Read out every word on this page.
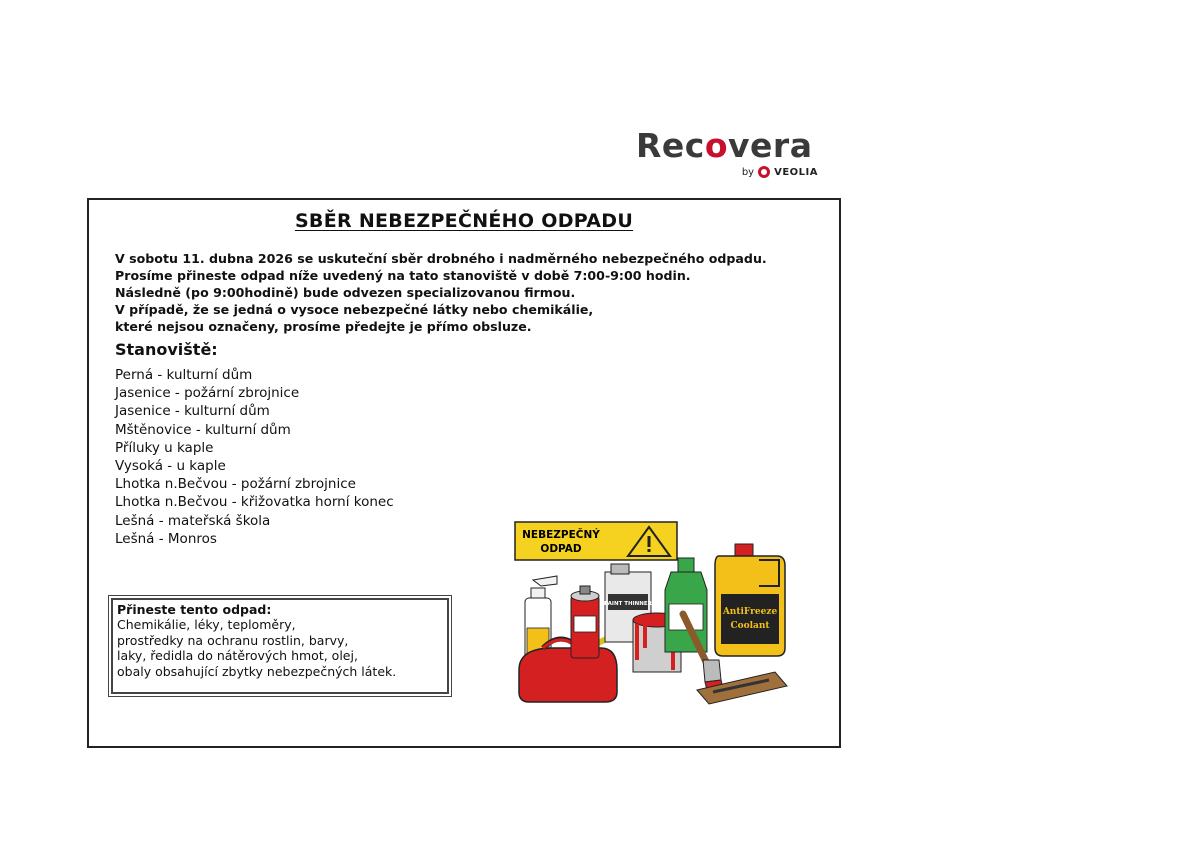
Recovera
by VEOLIA
SBĚR NEBEZPEČNÉHO ODPADU
V sobotu 11. dubna 2026 se uskuteční sběr drobného i nadměrného nebezpečného odpadu.
Prosíme přineste odpad níže uvedený na tato stanoviště v době 7:00-9:00 hodin.
Následně (po 9:00hodině) bude odvezen specializovanou firmou.
V případě, že se jedná o vysoce nebezpečné látky nebo chemikálie,
které nejsou označeny, prosíme předejte je přímo obsluze.
Stanoviště:
Perná - kulturní dům
Jasenice - požární zbrojnice
Jasenice - kulturní dům
Mštěnovice - kulturní dům
Příluky u kaple
Vysoká - u kaple
Lhotka n.Bečvou - požární zbrojnice
Lhotka n.Bečvou - křižovatka horní konec
Lešná - mateřská škola
Lešná - Monros
Přineste tento odpad:
Chemikálie, léky, teploměry,
prostředky na ochranu rostlin, barvy,
laky, ředidla do nátěrových hmot, olej,
obaly obsahující zbytky nebezpečných látek.
NEBEZPEČNÝ
ODPAD
PAINT THINNER
AntiFreeze
Coolant
